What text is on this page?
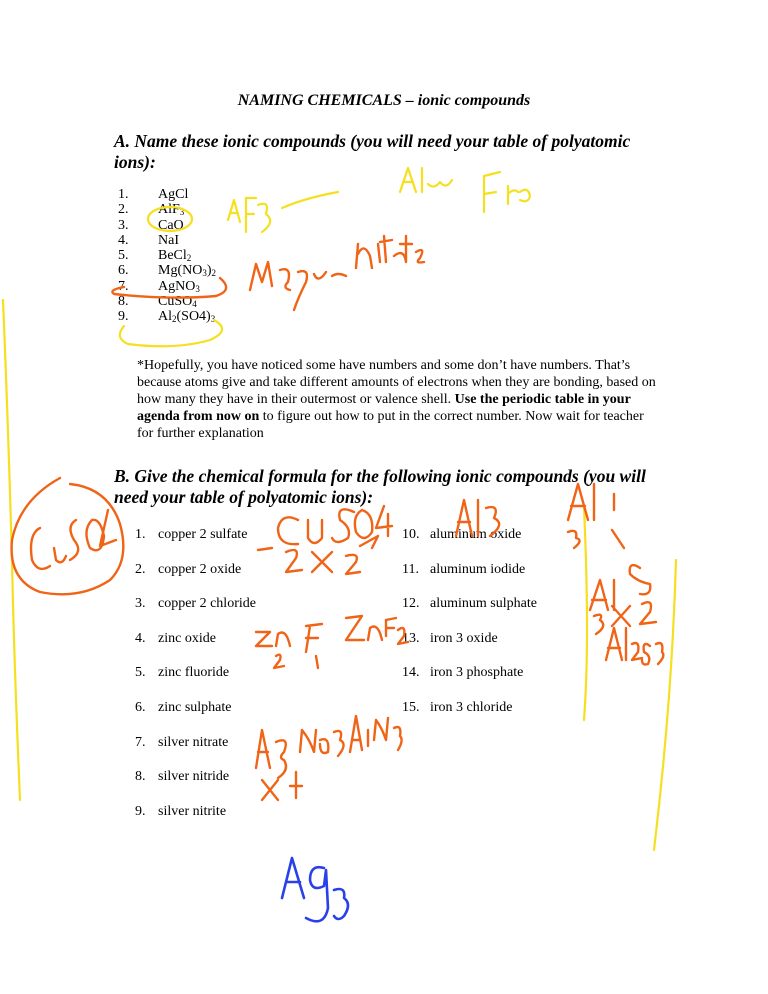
NAMING CHEMICALS – ionic compounds
A. Name these ionic compounds (you will need your table of polyatomic ions):
1.	AgCl
2.	AlF$_3$
3.	CaO
4.	NaI
5.	BeCl$_2$
6.	$Mg(NO_3)_2$
7.	AgNO$_3$
8.	CuSO$_4$
9.	$Al_2(SO4)_3$
*Hopefully, you have noticed some have numbers and some don’t have numbers. That’s because atoms give and take different amounts of electrons when they are bonding, based on how many they have in their outermost or valence shell. Use the periodic table in your agenda from now on to figure out how to put in the correct number. Now wait for teacher for further explanation
B. Give the chemical formula for the following ionic compounds (you will need your table of polyatomic ions):
1. copper 2 sulfate
2. copper 2 oxide
3. copper 2 chloride
4. zinc oxide
5. zinc fluoride
6. zinc sulphate
7. silver nitrate
8. silver nitride
9. silver nitrite
10. aluminum oxide
11. aluminum iodide
12. aluminum sulphate
13. iron 3 oxide
14. iron 3 phosphate
15. iron 3 chloride
